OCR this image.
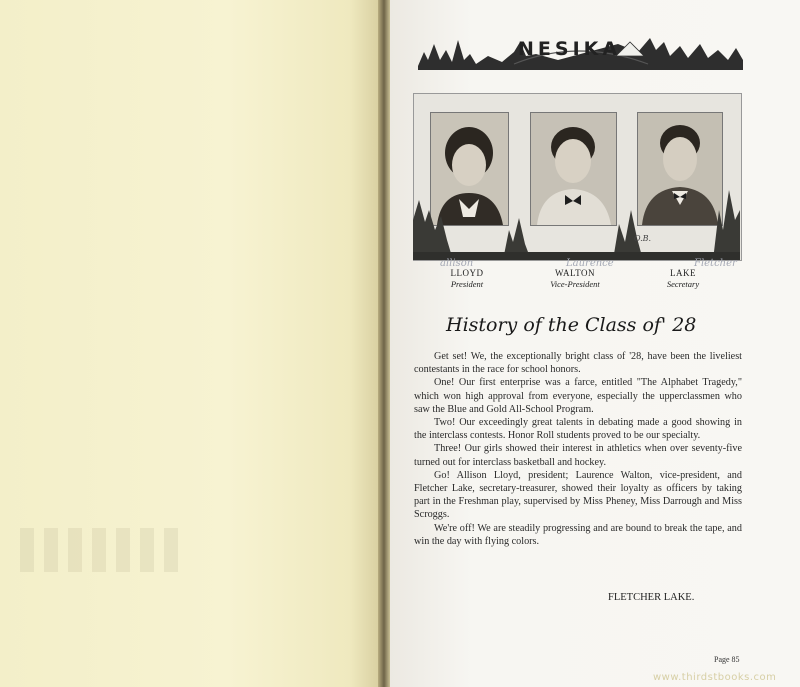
NESIKA
O.B.
allison
LLOYD
President
Laurence
WALTON
Vice-President
Fletcher
LAKE
Secretary
History of the Class of' 28

Get set! We, the exceptionally bright class of '28, have been the liveliest contestants in the race for school honors.

One! Our first enterprise was a farce, entitled "The Alphabet Tragedy," which won high approval from everyone, especially the upperclassmen who saw the Blue and Gold All-School Program.

Two! Our exceedingly great talents in debating made a good showing in the interclass contests. Honor Roll students proved to be our specialty.

Three! Our girls showed their interest in athletics when over seventy-five turned out for interclass basketball and hockey.

Go! Allison Lloyd, president; Laurence Walton, vice-president, and Fletcher Lake, secretary-treasurer, showed their loyalty as officers by taking part in the Freshman play, supervised by Miss Pheney, Miss Darrough and Miss Scroggs.

We're off! We are steadily progressing and are bound to break the tape, and win the day with flying colors.

FLETCHER LAKE.
Page 85
www.thirdstbooks.com
